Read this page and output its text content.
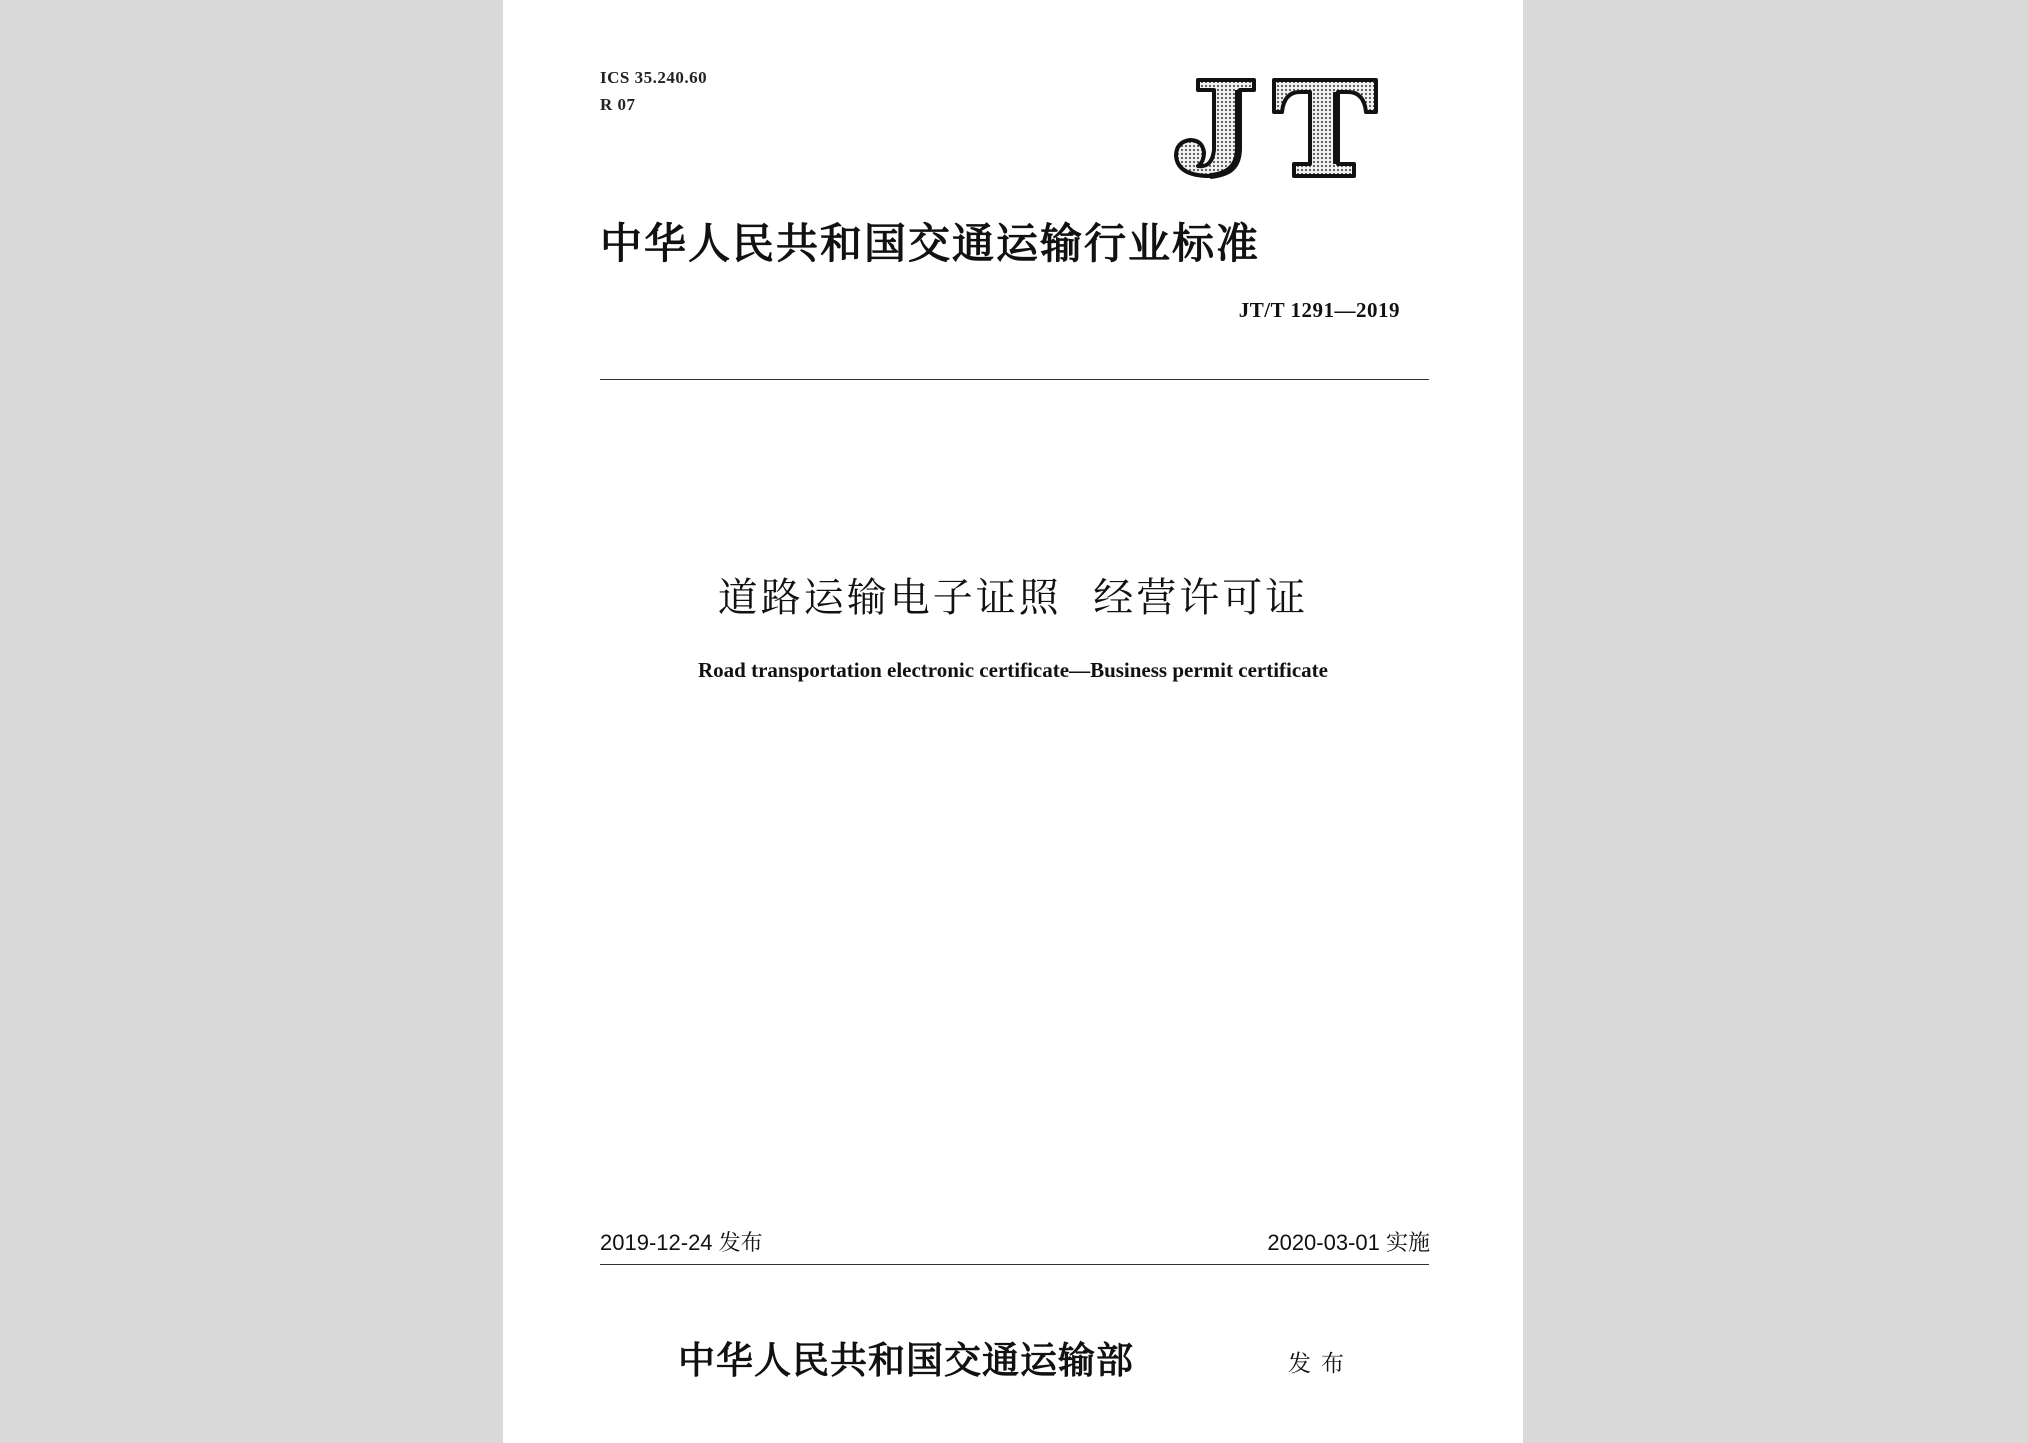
ICS 35.240.60
R 07
中华人民共和国交通运输行业标准
JT/T 1291—2019
道路运输电子证照  经营许可证
Road transportation electronic certificate—Business permit certificate
2019-12-24 发布	2020-03-01 实施
中华人民共和国交通运输部	发布
